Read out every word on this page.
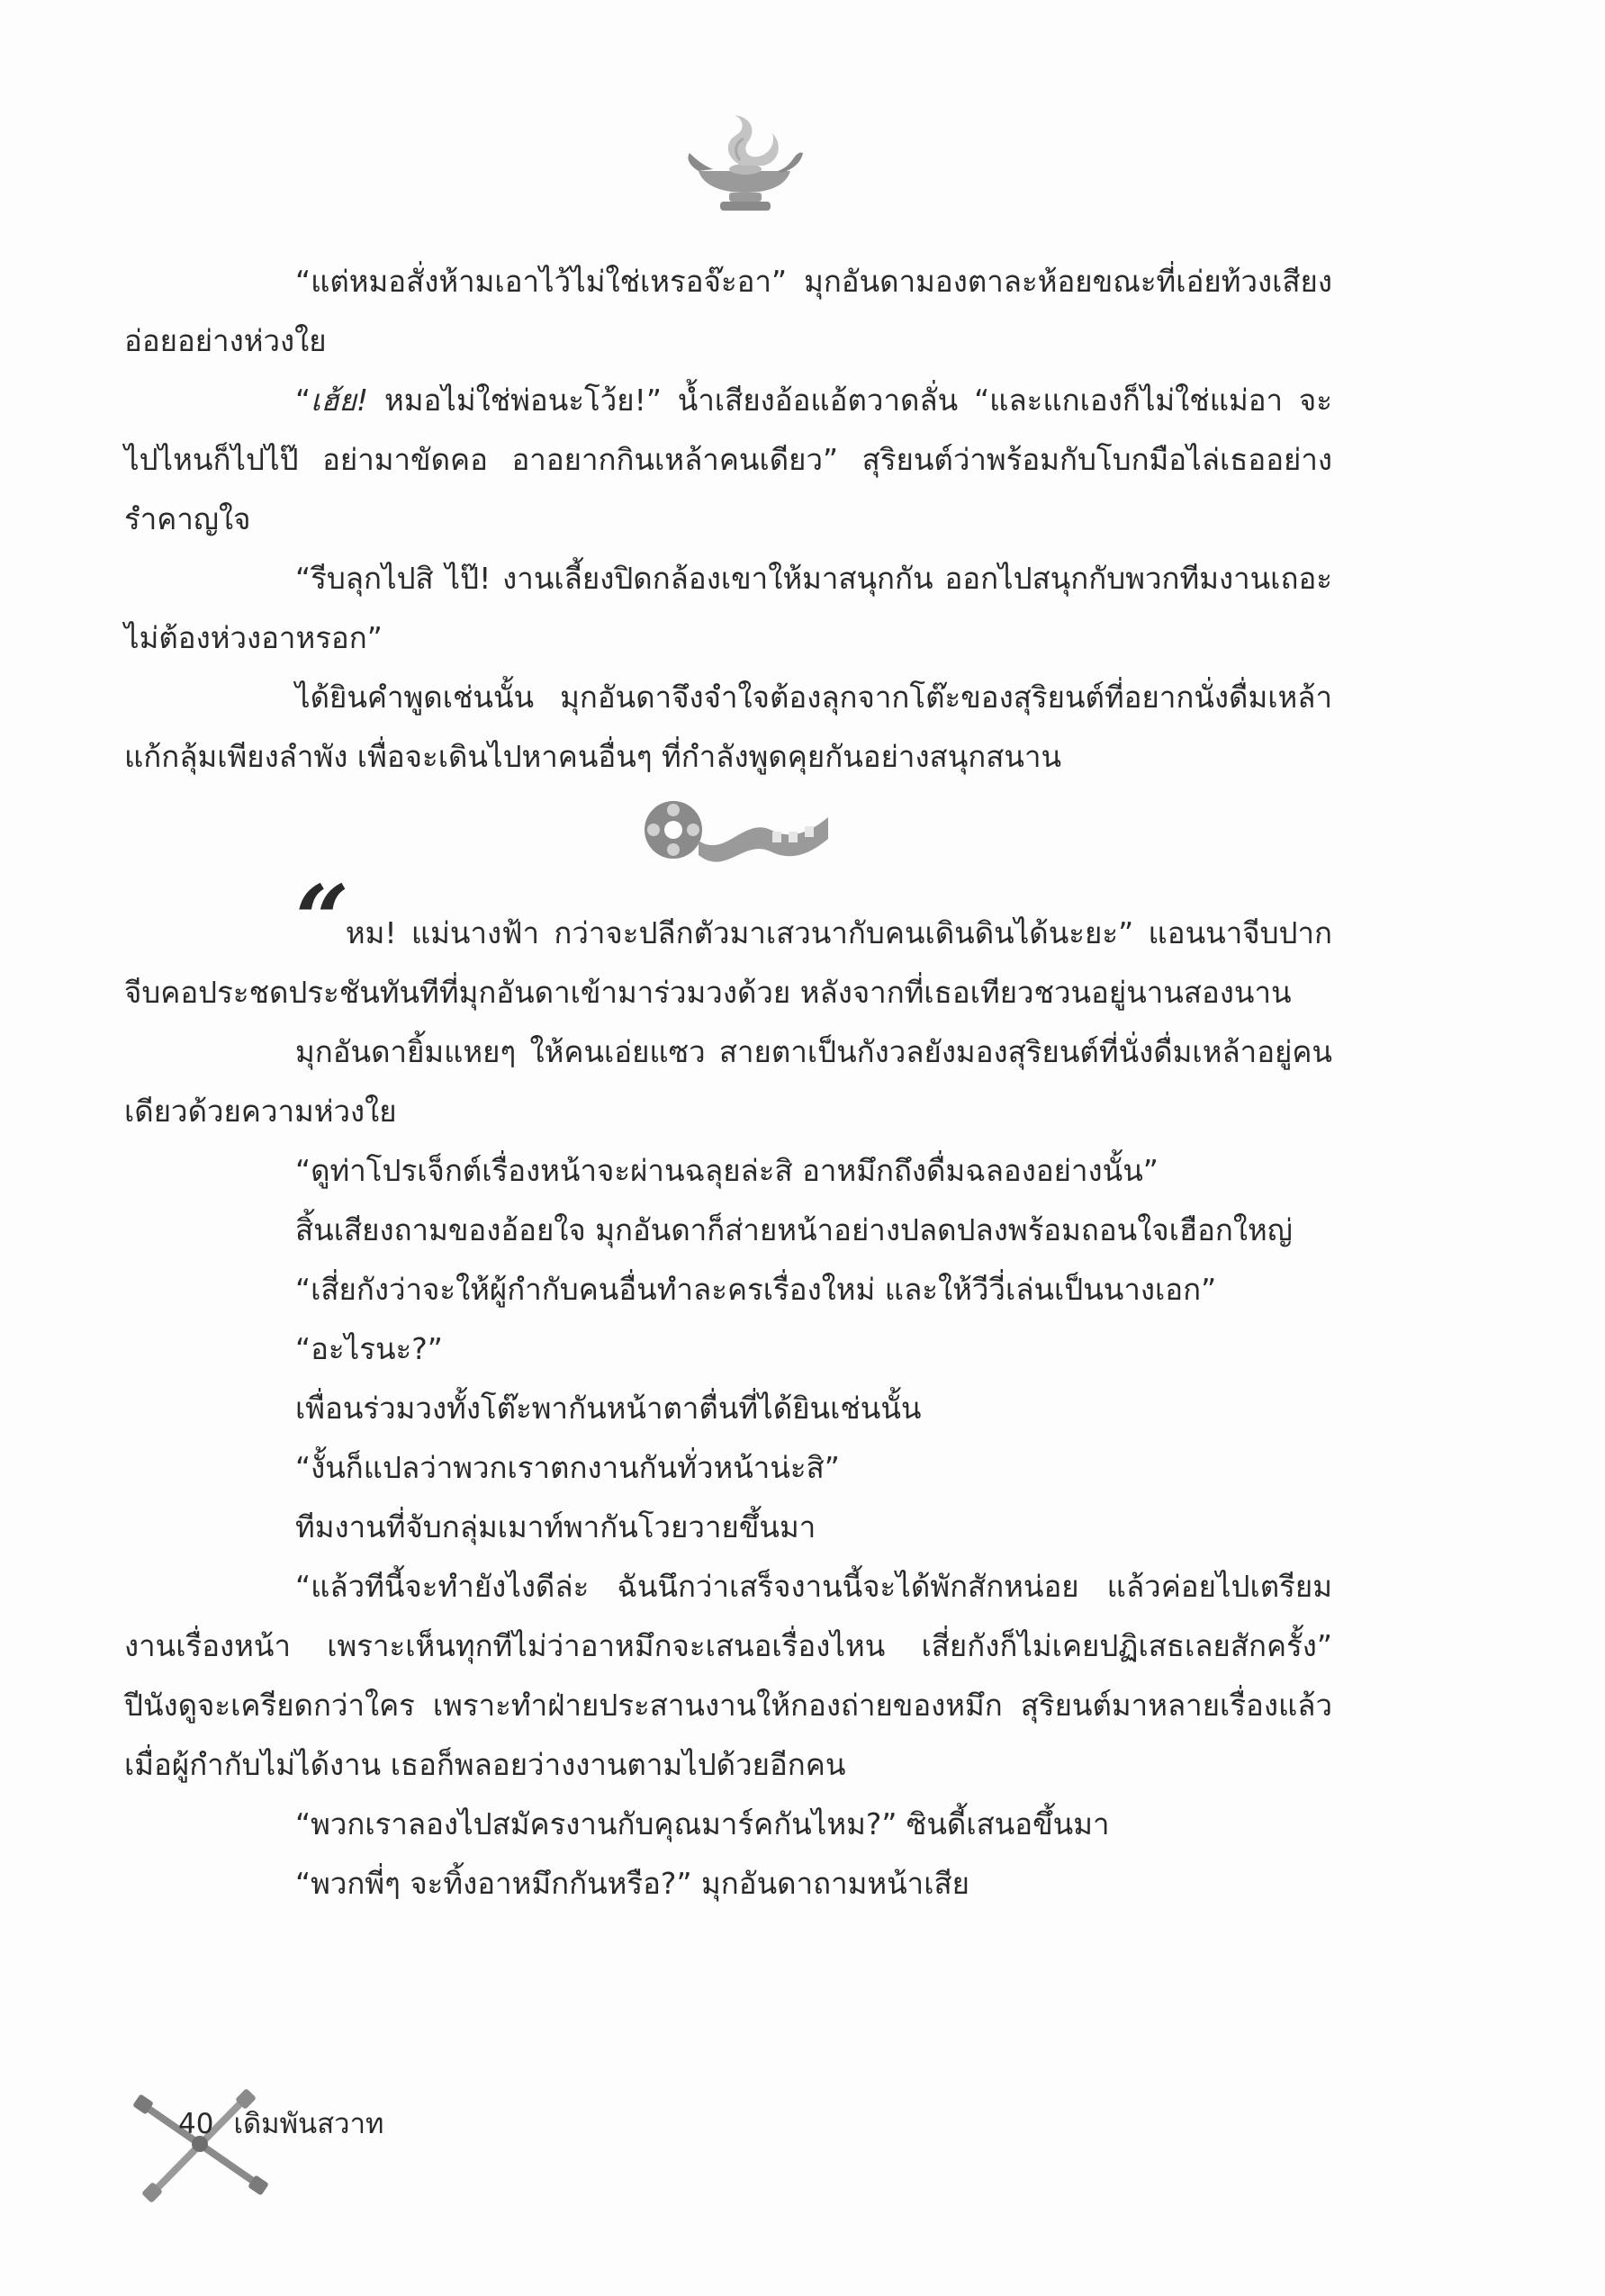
“แต่หมอสั่งห้ามเอาไว้ไม่ใช่เหรอจ๊ะอา” มุกอันดามองตาละห้อยขณะที่เอ่ยท้วงเสียงอ่อยอย่างห่วงใย

“เฮ้ย! หมอไม่ใช่พ่อนะโว้ย!” น้ำเสียงอ้อแอ้ตวาดลั่น “และแกเองก็ไม่ใช่แม่อา จะไปไหนก็ไปไป๊ อย่ามาขัดคอ อาอยากกินเหล้าคนเดียว” สุริยนต์ว่าพร้อมกับโบกมือไล่เธออย่างรำคาญใจ

“รีบลุกไปสิ ไป๊! งานเลี้ยงปิดกล้องเขาให้มาสนุกกัน ออกไปสนุกกับพวกทีมงานเถอะ ไม่ต้องห่วงอาหรอก”

ได้ยินคำพูดเช่นนั้น มุกอันดาจึงจำใจต้องลุกจากโต๊ะของสุริยนต์ที่อยากนั่งดื่มเหล้าแก้กลุ้มเพียงลำพัง เพื่อจะเดินไปหาคนอื่นๆ ที่กำลังพูดคุยกันอย่างสนุกสนาน

“ หม! แม่นางฟ้า กว่าจะปลีกตัวมาเสวนากับคนเดินดินได้นะยะ” แอนนาจีบปากจีบคอประชดประชันทันทีที่มุกอันดาเข้ามาร่วมวงด้วย หลังจากที่เธอเทียวชวนอยู่นานสองนาน

มุกอันดายิ้มแหยๆ ให้คนเอ่ยแซว สายตาเป็นกังวลยังมองสุริยนต์ที่นั่งดื่มเหล้าอยู่คนเดียวด้วยความห่วงใย

“ดูท่าโปรเจ็กต์เรื่องหน้าจะผ่านฉลุยล่ะสิ อาหมึกถึงดื่มฉลองอย่างนั้น”

สิ้นเสียงถามของอ้อยใจ มุกอันดาก็ส่ายหน้าอย่างปลดปลงพร้อมถอนใจเฮือกใหญ่

“เสี่ยกังว่าจะให้ผู้กำกับคนอื่นทำละครเรื่องใหม่ และให้วีวี่เล่นเป็นนางเอก”

“อะไรนะ?”

เพื่อนร่วมวงทั้งโต๊ะพากันหน้าตาตื่นที่ได้ยินเช่นนั้น

“งั้นก็แปลว่าพวกเราตกงานกันทั่วหน้าน่ะสิ”

ทีมงานที่จับกลุ่มเมาท์พากันโวยวายขึ้นมา

“แล้วทีนี้จะทำยังไงดีล่ะ ฉันนึกว่าเสร็จงานนี้จะได้พักสักหน่อย แล้วค่อยไปเตรียมงานเรื่องหน้า เพราะเห็นทุกทีไม่ว่าอาหมึกจะเสนอเรื่องไหน เสี่ยกังก็ไม่เคยปฏิเสธเลยสักครั้ง” ปีนังดูจะเครียดกว่าใคร เพราะทำฝ่ายประสานงานให้กองถ่ายของหมึก สุริยนต์มาหลายเรื่องแล้ว เมื่อผู้กำกับไม่ได้งาน เธอก็พลอยว่างงานตามไปด้วยอีกคน

“พวกเราลองไปสมัครงานกับคุณมาร์คกันไหม?” ซินดี้เสนอขึ้นมา

“พวกพี่ๆ จะทิ้งอาหมึกกันหรือ?” มุกอันดาถามหน้าเสีย

40 เดิมพันสวาท
